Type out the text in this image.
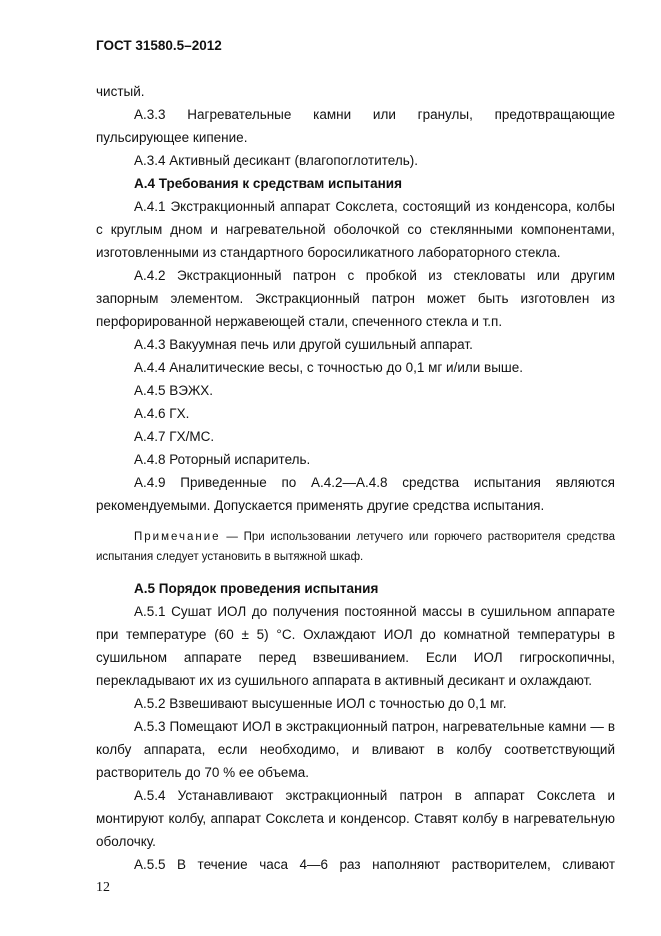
ГОСТ 31580.5–2012
чистый.
А.3.3 Нагревательные камни или гранулы, предотвращающие
пульсирующее кипение.
А.3.4 Активный десикант (влагопоглотитель).
А.4 Требования к средствам испытания
А.4.1 Экстракционный аппарат Сокслета, состоящий из конденсора, колбы
с круглым дном и нагревательной оболочкой со стеклянными компонентами,
изготовленными из стандартного боросиликатного лабораторного стекла.
А.4.2 Экстракционный патрон с пробкой из стекловаты или другим
запорным элементом. Экстракционный патрон может быть изготовлен из
перфорированной нержавеющей стали, спеченного стекла и т.п.
А.4.3 Вакуумная печь или другой сушильный аппарат.
А.4.4 Аналитические весы, с точностью до 0,1 мг и/или выше.
А.4.5 ВЭЖХ.
А.4.6 ГХ.
А.4.7 ГХ/МС.
А.4.8 Роторный испаритель.
А.4.9 Приведенные по А.4.2—А.4.8 средства испытания являются
рекомендуемыми. Допускается применять другие средства испытания.
Примечание — При использовании летучего или горючего растворителя средства
испытания следует установить в вытяжной шкаф.
А.5 Порядок проведения испытания
А.5.1 Сушат ИОЛ до получения постоянной массы в сушильном аппарате
при температуре (60 ± 5) °С. Охлаждают ИОЛ до комнатной температуры в
сушильном аппарате перед взвешиванием. Если ИОЛ гигроскопичны,
перекладывают их из сушильного аппарата в активный десикант и охлаждают.
А.5.2 Взвешивают высушенные ИОЛ с точностью до 0,1 мг.
А.5.3 Помещают ИОЛ в экстракционный патрон, нагревательные камни — в
колбу аппарата, если необходимо, и вливают в колбу соответствующий
растворитель до 70 % ее объема.
А.5.4 Устанавливают экстракционный патрон в аппарат Сокслета и
монтируют колбу, аппарат Сокслета и конденсор. Ставят колбу в нагревательную
оболочку.
А.5.5 В течение часа 4—6 раз наполняют растворителем, сливают
12
